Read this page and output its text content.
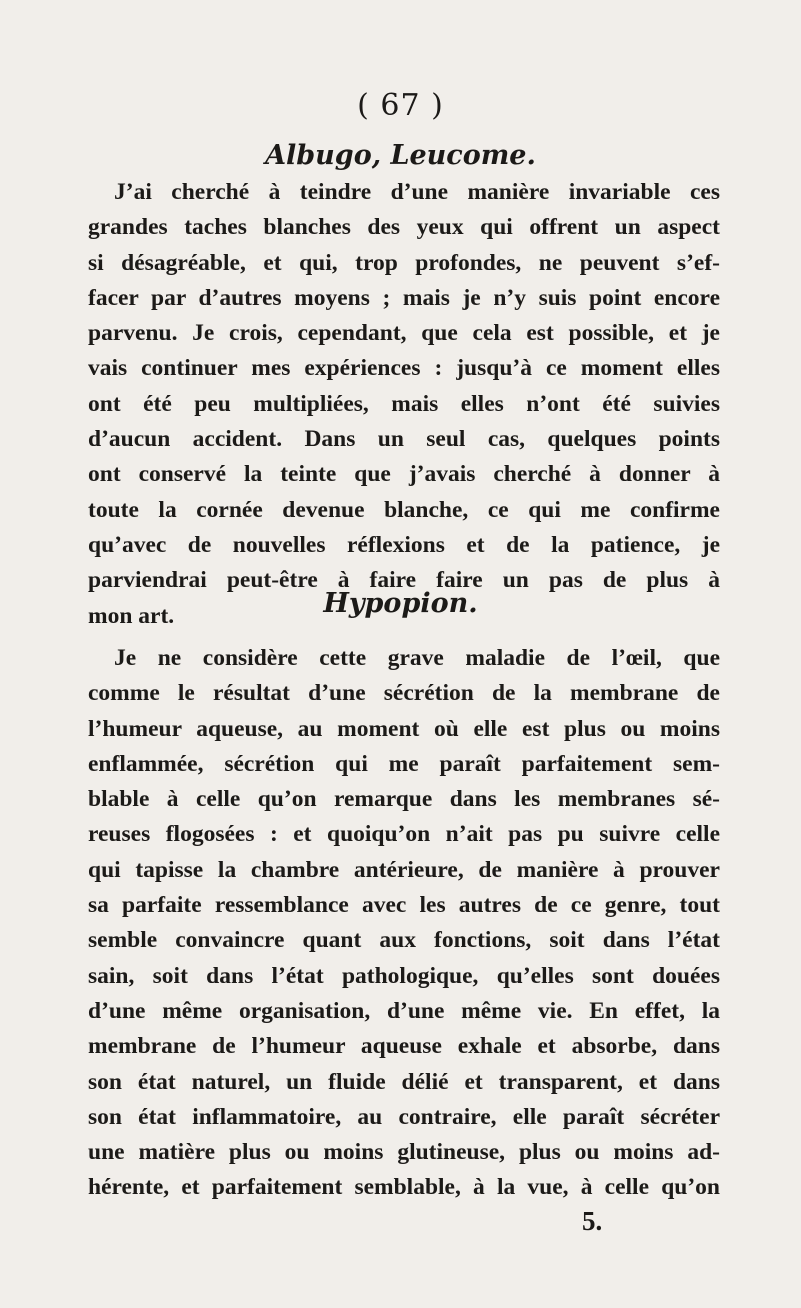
( 67 )
Albugo, Leucome.
J’ai cherché à teindre d’une manière invariable ces
grandes taches blanches des yeux qui offrent un aspect
si désagréable, et qui, trop profondes, ne peuvent s’ef-
facer par d’autres moyens ; mais je n’y suis point encore
parvenu. Je crois, cependant, que cela est possible, et je
vais continuer mes expériences : jusqu’à ce moment elles
ont été peu multipliées, mais elles n’ont été suivies
d’aucun accident. Dans un seul cas, quelques points
ont conservé la teinte que j’avais cherché à donner à
toute la cornée devenue blanche, ce qui me confirme
qu’avec de nouvelles réflexions et de la patience, je
parviendrai peut-être à faire faire un pas de plus à
mon art.	Hypopion.
Je ne considère cette grave maladie de l’œil, que
comme le résultat d’une sécrétion de la membrane de
l’humeur aqueuse, au moment où elle est plus ou moins
enflammée, sécrétion qui me paraît parfaitement sem-
blable à celle qu’on remarque dans les membranes sé-
reuses flogosées : et quoiqu’on n’ait pas pu suivre celle
qui tapisse la chambre antérieure, de manière à prouver
sa parfaite ressemblance avec les autres de ce genre, tout
semble convaincre quant aux fonctions, soit dans l’état
sain, soit dans l’état pathologique, qu’elles sont douées
d’une même organisation, d’une même vie. En effet, la
membrane de l’humeur aqueuse exhale et absorbe, dans
son état naturel, un fluide délié et transparent, et dans
son état inflammatoire, au contraire, elle paraît sécréter
une matière plus ou moins glutineuse, plus ou moins ad-
hérente, et parfaitement semblable, à la vue, à celle qu’on
5.
